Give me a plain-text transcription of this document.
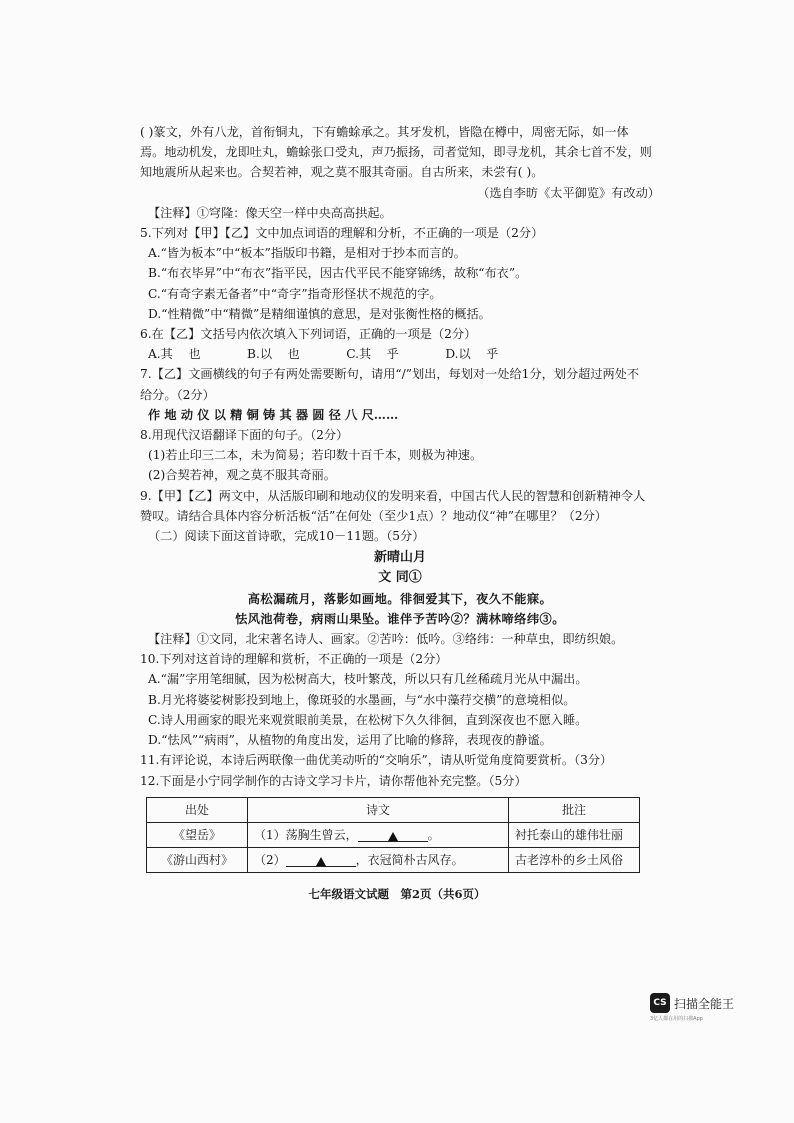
( )篆文，外有八龙，首衔铜丸，下有蟾蜍承之。其牙发机，皆隐在樽中，周密无际，如一体
焉。地动机发，龙即吐丸，蟾蜍张口受丸，声乃振扬，司者觉知，即寻龙机，其余七首不发，则
知地震所从起来也。合契若神，观之莫不服其奇丽。自古所来，未尝有( )。
（选自李昉《太平御览》有改动）
【注释】①穹隆：像天空一样中央高高拱起。
5.下列对【甲】【乙】文中加点词语的理解和分析，不正确的一项是（2分）
A.“皆为板本”中“板本”指版印书籍，是相对于抄本而言的。
B.“布衣毕昇”中“布衣”指平民，因古代平民不能穿锦绣，故称“布衣”。
C.“有奇字素无备者”中“奇字”指奇形怪状不规范的字。
D.“性精微”中“精微”是精细谨慎的意思，是对张衡性格的概括。
6.在【乙】文括号内依次填入下列词语，正确的一项是（2分）
A.其    也            B.以    也            C.其    乎            D.以    乎
7.【乙】文画横线的句子有两处需要断句，请用“/”划出，每划对一处给1分，划分超过两处不
给分。（2分）
作 地 动 仪 以 精 铜 铸 其 器 圆 径 八 尺……
8.用现代汉语翻译下面的句子。（2分）
(1)若止印三二本，未为简易；若印数十百千本，则极为神速。
(2)合契若神，观之莫不服其奇丽。
9.【甲】【乙】两文中，从活版印刷和地动仪的发明来看，中国古代人民的智慧和创新精神令人
赞叹。请结合具体内容分析活板“活”在何处（至少1点）？地动仪“神”在哪里？（2分）
（二）阅读下面这首诗歌，完成10－11题。（5分）
新晴山月
文 同①
高松漏疏月，落影如画地。徘徊爱其下，夜久不能寐。
怯风池荷卷，病雨山果坠。谁伴予苦吟②？满林啼络纬③。
【注释】①文同，北宋著名诗人、画家。②苦吟：低吟。③络纬：一种草虫，即纺织娘。
10.下列对这首诗的理解和赏析，不正确的一项是（2分）
A.“漏”字用笔细腻，因为松树高大，枝叶繁茂，所以只有几丝稀疏月光从中漏出。
B.月光将婆娑树影投到地上，像斑驳的水墨画，与“水中藻荇交横”的意境相似。
C.诗人用画家的眼光来观赏眼前美景，在松树下久久徘徊，直到深夜也不愿入睡。
D.“怯风”“病雨”，从植物的角度出发，运用了比喻的修辞，表现夜的静谧。
11.有评论说，本诗后两联像一曲优美动听的“交响乐”，请从听觉角度简要赏析。（3分）
12.下面是小宁同学制作的古诗文学习卡片，请你帮他补充完整。（5分）
出处	诗文	批注
《望岳》	（1）荡胸生曾云， 。	衬托泰山的雄伟壮丽
《游山西村》	（2） ，衣冠简朴古风存。	古老淳朴的乡土风俗
七年级语文试题　第2页（共6页）
CS 扫描全能王
3亿人都在用的扫描App
